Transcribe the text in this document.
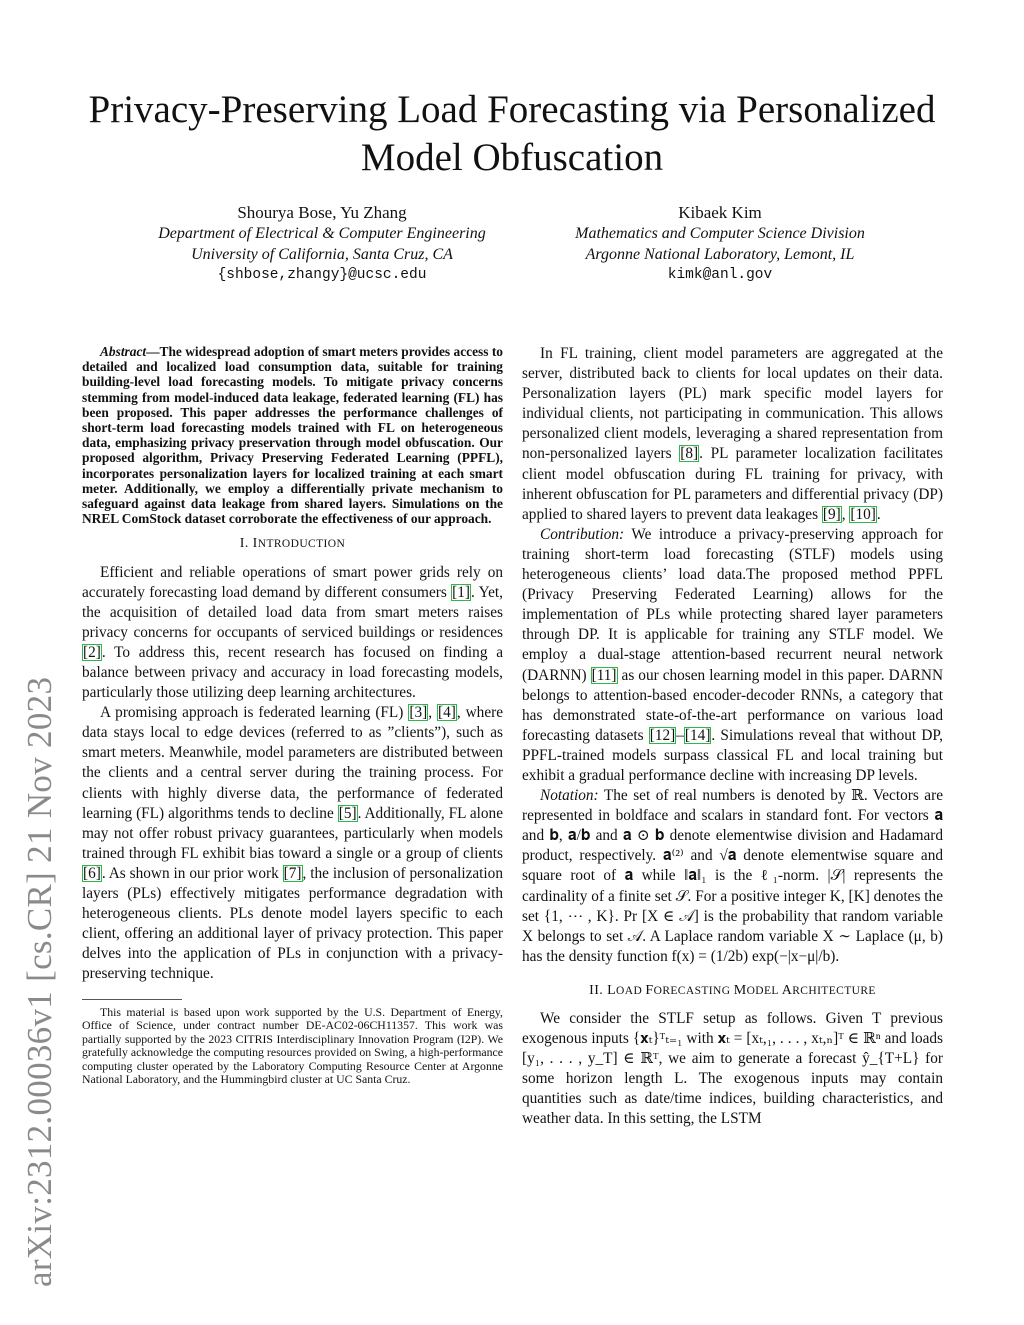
Privacy-Preserving Load Forecasting via Personalized Model Obfuscation
Shourya Bose, Yu Zhang
Department of Electrical & Computer Engineering
University of California, Santa Cruz, CA
{shbose,zhangy}@ucsc.edu
Kibaek Kim
Mathematics and Computer Science Division
Argonne National Laboratory, Lemont, IL
kimk@anl.gov
arXiv:2312.00036v1 [cs.CR] 21 Nov 2023

Abstract—The widespread adoption of smart meters provides access to detailed and localized load consumption data, suitable for training building-level load forecasting models. To mitigate privacy concerns stemming from model-induced data leakage, federated learning (FL) has been proposed. This paper addresses the performance challenges of short-term load forecasting models trained with FL on heterogeneous data, emphasizing privacy preservation through model obfuscation. Our proposed algorithm, Privacy Preserving Federated Learning (PPFL), incorporates personalization layers for localized training at each smart meter. Additionally, we employ a differentially private mechanism to safeguard against data leakage from shared layers. Simulations on the NREL ComStock dataset corroborate the effectiveness of our approach.

I. INTRODUCTION

Efficient and reliable operations of smart power grids rely on accurately forecasting load demand by different consumers [1]. Yet, the acquisition of detailed load data from smart meters raises privacy concerns for occupants of serviced buildings or residences [2]. To address this, recent research has focused on finding a balance between privacy and accuracy in load forecasting models, particularly those utilizing deep learning architectures.

A promising approach is federated learning (FL) [3], [4], where data stays local to edge devices (referred to as ”clients”), such as smart meters. Meanwhile, model parameters are distributed between the clients and a central server during the training process. For clients with highly diverse data, the performance of federated learning (FL) algorithms tends to decline [5]. Additionally, FL alone may not offer robust privacy guarantees, particularly when models trained through FL exhibit bias toward a single or a group of clients [6]. As shown in our prior work [7], the inclusion of personalization layers (PLs) effectively mitigates performance degradation with heterogeneous clients. PLs denote model layers specific to each client, offering an additional layer of privacy protection. This paper delves into the application of PLs in conjunction with a privacy-preserving technique.

This material is based upon work supported by the U.S. Department of Energy, Office of Science, under contract number DE-AC02-06CH11357. This work was partially supported by the 2023 CITRIS Interdisciplinary Innovation Program (I2P). We gratefully acknowledge the computing resources provided on Swing, a high-performance computing cluster operated by the Laboratory Computing Resource Center at Argonne National Laboratory, and the Hummingbird cluster at UC Santa Cruz.

In FL training, client model parameters are aggregated at the server, distributed back to clients for local updates on their data. Personalization layers (PL) mark specific model layers for individual clients, not participating in communication. This allows personalized client models, leveraging a shared representation from non-personalized layers [8]. PL parameter localization facilitates client model obfuscation during FL training for privacy, with inherent obfuscation for PL parameters and differential privacy (DP) applied to shared layers to prevent data leakages [9], [10].

Contribution: We introduce a privacy-preserving approach for training short-term load forecasting (STLF) models using heterogeneous clients’ load data.The proposed method PPFL (Privacy Preserving Federated Learning) allows for the implementation of PLs while protecting shared layer parameters through DP. It is applicable for training any STLF model. We employ a dual-stage attention-based recurrent neural network (DARNN) [11] as our chosen learning model in this paper. DARNN belongs to attention-based encoder-decoder RNNs, a category that has demonstrated state-of-the-art performance on various load forecasting datasets [12]–[14]. Simulations reveal that without DP, PPFL-trained models surpass classical FL and local training but exhibit a gradual performance decline with increasing DP levels.

Notation: The set of real numbers is denoted by ℝ. Vectors are represented in boldface and scalars in standard font. For vectors 𝐚 and 𝐛, 𝐚/𝐛 and 𝐚 ⊙ 𝐛 denote elementwise division and Hadamard product, respectively. 𝐚⁽²⁾ and √𝐚 denote elementwise square and square root of 𝐚 while ‖𝐚‖₁ is the ℓ₁-norm. |𝒮| represents the cardinality of a finite set 𝒮. For a positive integer K, [K] denotes the set {1, ⋯ , K}. Pr [X ∈ 𝒜] is the probability that random variable X belongs to set 𝒜. A Laplace random variable X ∼ Laplace (μ, b) has the density function f(x) = (1/2b) exp(−|x−μ|/b).

II. LOAD FORECASTING MODEL ARCHITECTURE

We consider the STLF setup as follows. Given T previous exogenous inputs {𝐱ₜ}ᵀₜ₌₁ with 𝐱ₜ = [xₜ,₁, . . . , xₜ,ₙ]ᵀ ∈ ℝⁿ and loads [y₁, . . . , y_T] ∈ ℝᵀ, we aim to generate a forecast ŷ_{T+L} for some horizon length L. The exogenous inputs may contain quantities such as date/time indices, building characteristics, and weather data. In this setting, the LSTM
